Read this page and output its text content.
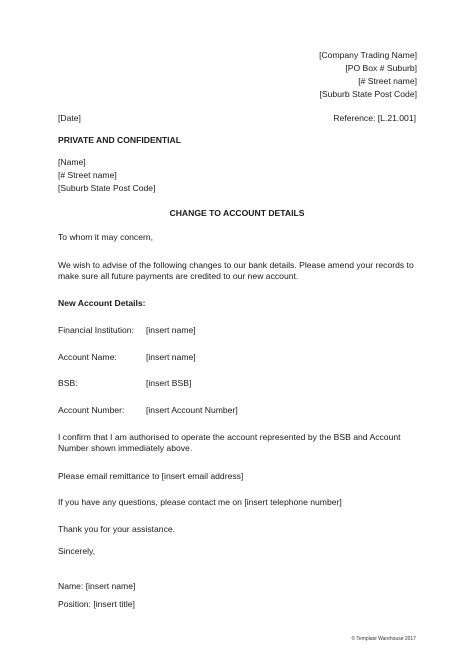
[Company Trading Name]
[PO Box # Suburb]
[# Street name]
[Suburb State Post Code]
[Date]	Reference: [L.21.001]
PRIVATE AND CONFIDENTIAL
[Name]
[# Street name]
[Suburb State Post Code]
CHANGE TO ACCOUNT DETAILS
To whom it may concern,
We wish to advise of the following changes to our bank details. Please amend your records to make sure all future payments are credited to our new account.
New Account Details:
Financial Institution: [insert name]
Account Name:	[insert name]
BSB:	[insert BSB]
Account Number:	[insert Account Number]
I confirm that I am authorised to operate the account represented by the BSB and Account Number shown immediately above.
Please email remittance to [insert email address]
If you have any questions, please contact me on [insert telephone number]
Thank you for your assistance.
Sincerely,
Name: [insert name]
Position: [insert title]
© Template Warehouse 2017
